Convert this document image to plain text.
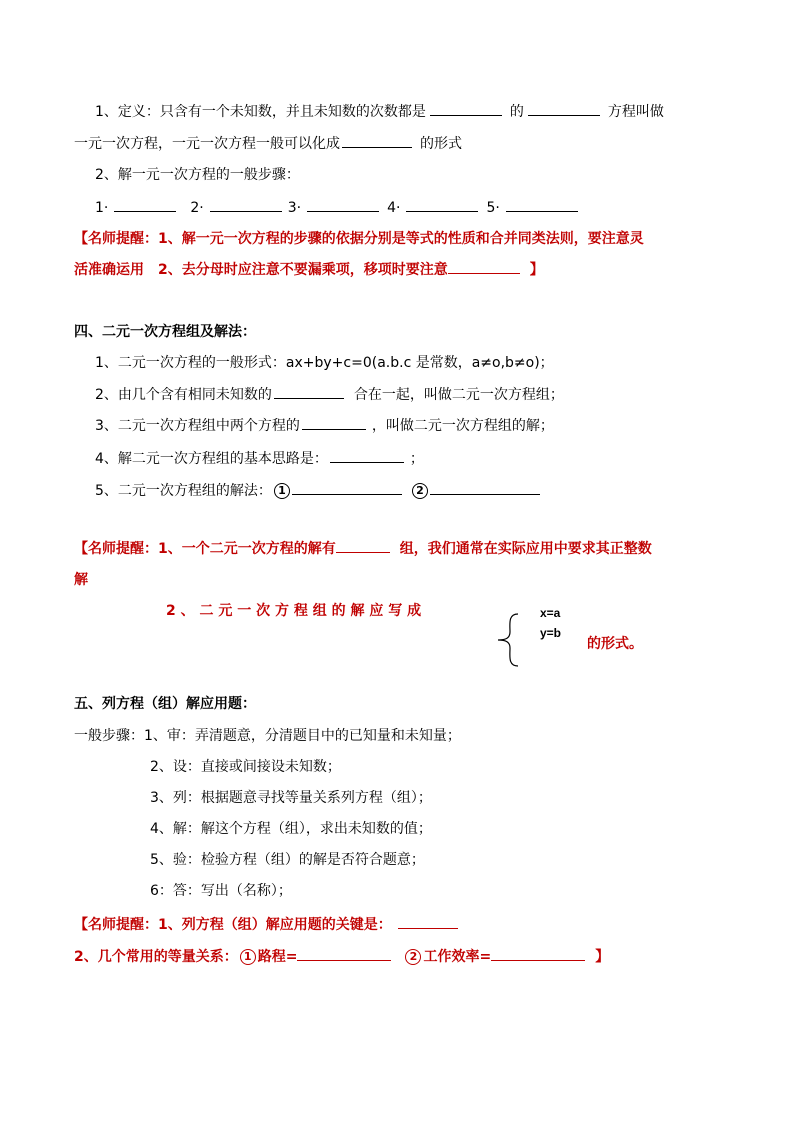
1、定义：只含有一个未知数，并且未知数的次数都是	的	方程叫做
一元一次方程，一元一次方程一般可以化成	的形式
2、解一元一次方程的一般步骤：
1·	2·	3·	4·	5·
【名师提醒：1、解一元一次方程的步骤的依据分别是等式的性质和合并同类法则，要注意灵
活准确运用　2、去分母时应注意不要漏乘项，移项时要注意	】
四、二元一次方程组及解法：
1、二元一次方程的一般形式：ax+by+c=0(a.b.c 是常数，a≠o,b≠o)；
2、由几个含有相同未知数的	合在一起，叫做二元一次方程组；
3、二元一次方程组中两个方程的	，叫做二元一次方程组的解；
4、解二元一次方程组的基本思路是：	；
5、二元一次方程组的解法： 1	2
【名师提醒：1、一个二元一次方程的解有	组，我们通常在实际应用中要求其正整数
解
2 、 二 元 一 次 方 程 组 的 解 应 写 成	x=a
y=b
的形式。
五、列方程（组）解应用题：
一般步骤：1、审：弄清题意，分清题目中的已知量和未知量；
2、设：直接或间接设未知数；
3、列：根据题意寻找等量关系列方程（组）；
4、解：解这个方程（组），求出未知数的值；
5、验：检验方程（组）的解是否符合题意；
6：答：写出（名称）；
【名师提醒：1、列方程（组）解应用题的关键是：
2、几个常用的等量关系： 1 路程=	2 工作效率=	】
